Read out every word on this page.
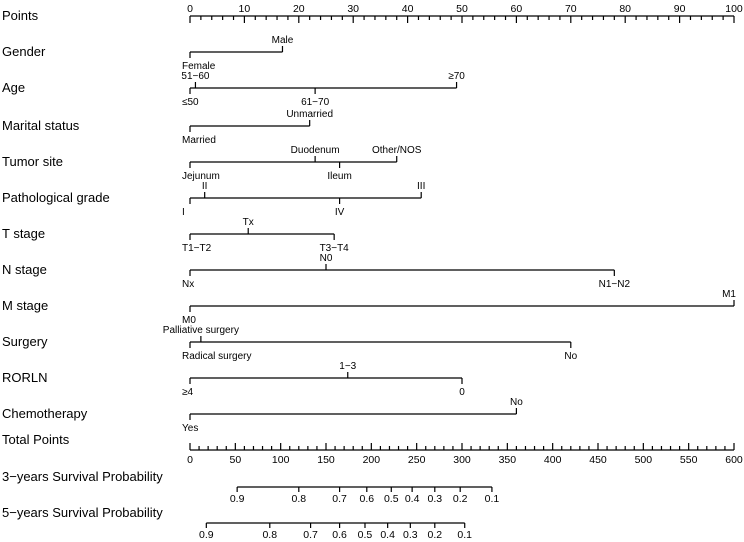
Points	0	10	20	30	40	50	60	70	80	90	100
Gender
Female
Male
Age
≤50
51−60
61−70
≥70
Marital status
Married
Unmarried
Tumor site
Jejunum
Duodenum
Ileum
Other/NOS
Pathological grade
I
II
IV
III
T stage
T1−T2
Tx
T3−T4
N stage
Nx
N0
N1−N2
M stage
M0
M1
Surgery
Radical surgery
Palliative surgery
No
RORLN
≥4
1−3
0
Chemotherapy
Yes
No
Total Points
0	50	100	150	200	250	300	350	400	450	500	550	600
3−years Survival Probability
0.9	0.8 0.7 0.6 0.5 0.4 0.3 0.2 0.1
5−years Survival Probability
0.9	0.8 0.7 0.6 0.5 0.4 0.3 0.2 0.1
